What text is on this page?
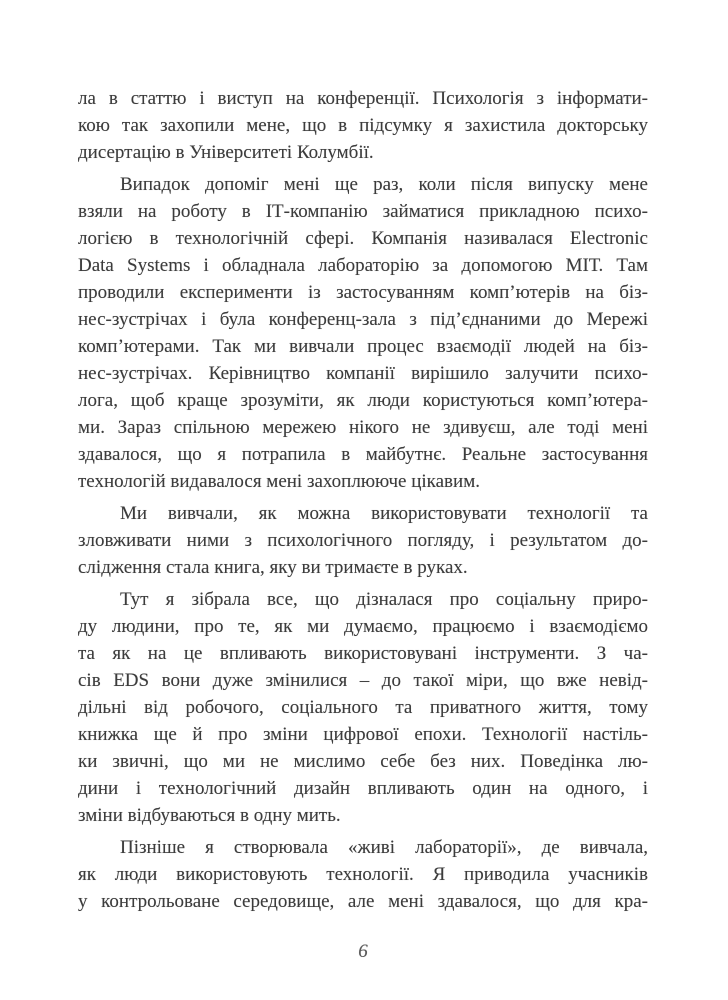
ла в статтю і виступ на конференції. Психологія з інформати-
кою так захопили мене, що в підсумку я захистила докторську
дисертацію в Університеті Колумбії.

Випадок допоміг мені ще раз, коли після випуску мене
взяли на роботу в ІТ-компанію займатися прикладною психо-
логією в технологічній сфері. Компанія називалася Electronic
Data Systems і обладнала лабораторію за допомогою МІТ. Там
проводили експерименти із застосуванням комп’ютерів на біз-
нес-зустрічах і була конференц-зала з під’єднаними до Мережі
комп’ютерами. Так ми вивчали процес взаємодії людей на біз-
нес-зустрічах. Керівництво компанії вирішило залучити психо-
лога, щоб краще зрозуміти, як люди користуються комп’ютера-
ми. Зараз спільною мережею нікого не здивуєш, але тоді мені
здавалося, що я потрапила в майбутнє. Реальне застосування
технологій видавалося мені захоплююче цікавим.

Ми вивчали, як можна використовувати технології та
зловживати ними з психологічного погляду, і результатом до-
слідження стала книга, яку ви тримаєте в руках.

Тут я зібрала все, що дізналася про соціальну приро-
ду людини, про те, як ми думаємо, працюємо і взаємодіємо
та як на це впливають використовувані інструменти. З ча-
сів EDS вони дуже змінилися – до такої міри, що вже невід-
дільні від робочого, соціального та приватного життя, тому
книжка ще й про зміни цифрової епохи. Технології настіль-
ки звичні, що ми не мислимо себе без них. Поведінка лю-
дини і технологічний дизайн впливають один на одного, і
зміни відбуваються в одну мить.

Пізніше я створювала «живі лабораторії», де вивчала,
як люди використовують технології. Я приводила учасників
у контрольоване середовище, але мені здавалося, що для кра-

6
